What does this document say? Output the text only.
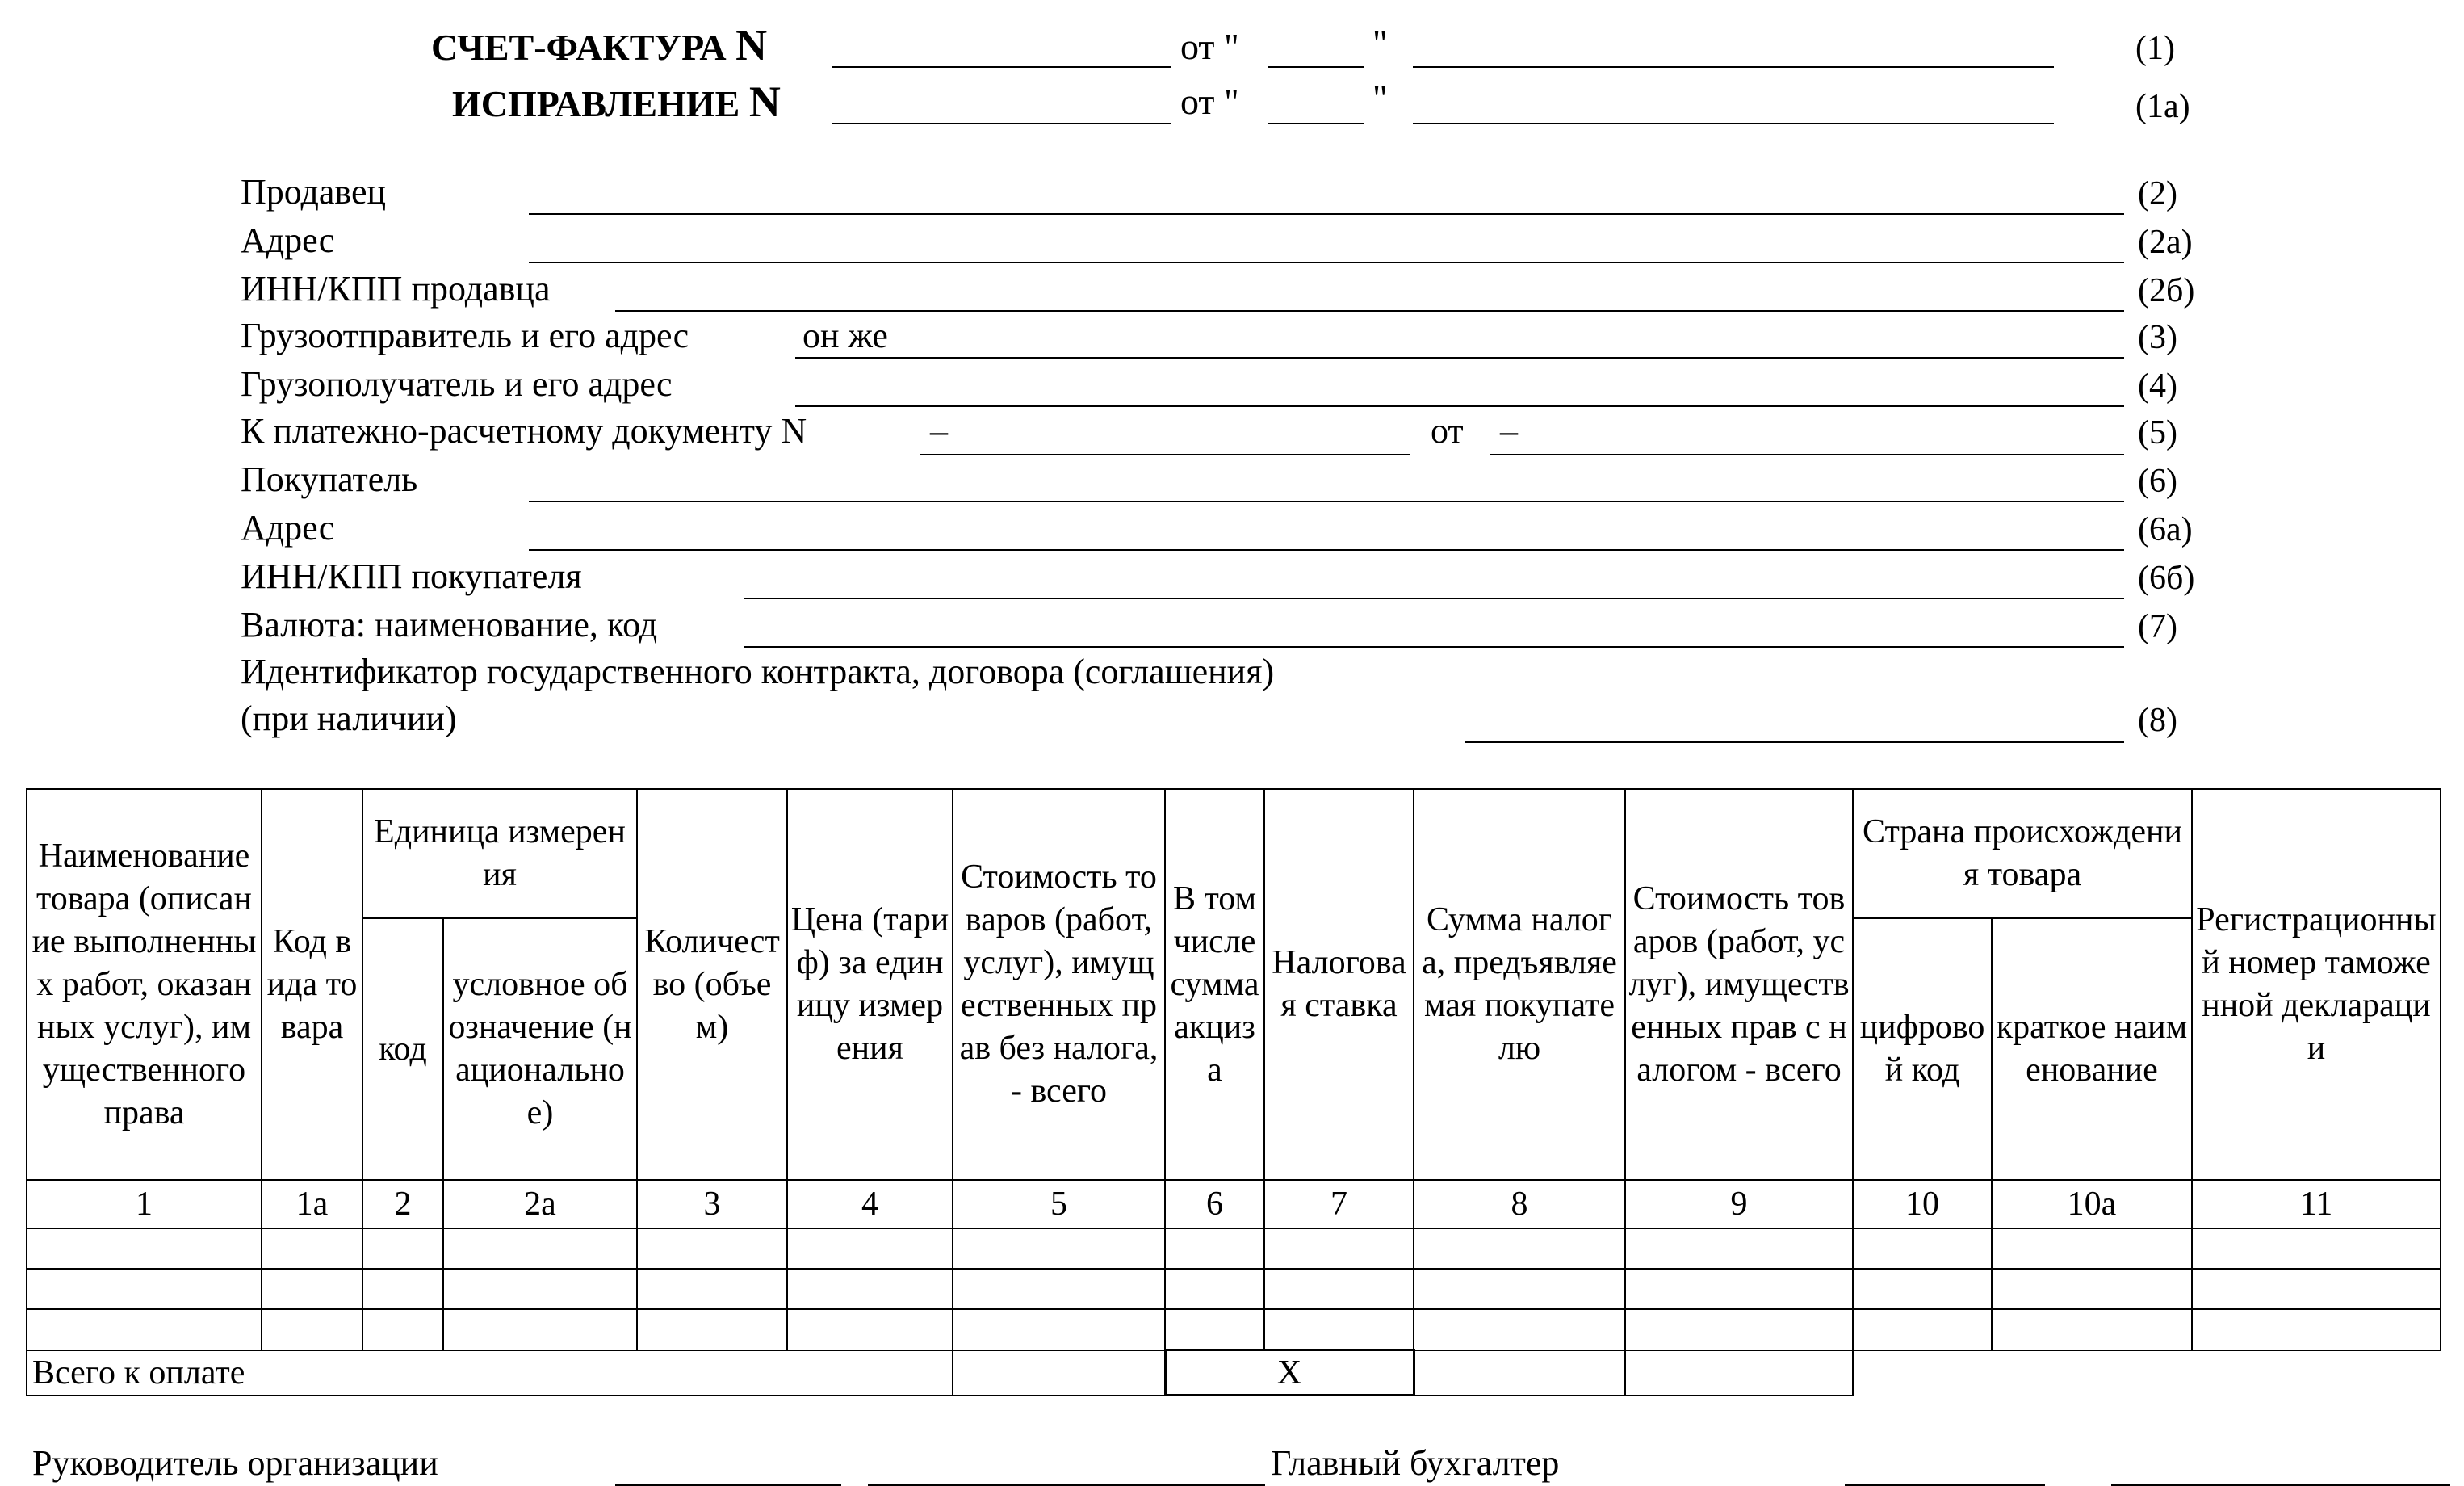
СЧЕТ-ФАКТУРА N	от "	"	(1)
ИСПРАВЛЕНИЕ N	от "	"	(1а)
Продавец	(2)
Адрес	(2а)
ИНН/КПП продавца	(2б)
Грузоотправитель и его адрес	он же	(3)
Грузополучатель и его адрес	(4)
К платежно-расчетному документу N	–	от –	(5)
Покупатель	(6)
Адрес	(6а)
ИНН/КПП покупателя	(6б)
Валюта: наименование, код	(7)
Идентификатор государственного контракта, договора (соглашения)
(при наличии)	(8)
Наименование товара (описание выполненных работ, оказанных услуг), имущественного права	Код вида товара	Единица измерения		Количество (объем)	Цена (тариф) за единицу измерения	Стоимость товаров (работ, услуг), имущественных прав без налога, - всего	В том числе сумма акциза	Налоговая ставка	Сумма налога, предъявляемая покупателю	Стоимость товаров (работ, услуг), имущественных прав с налогом - всего	Страна происхождения товара		Регистрационный номер таможенной декларации
		код	условное обозначение (национальное)								цифровой код	краткое наименование	
1	1а	2	2а	3	4	5	6	7	8	9	10	10а	11

Всего к оплате							X						
Руководитель организации	Главный бухгалтер
